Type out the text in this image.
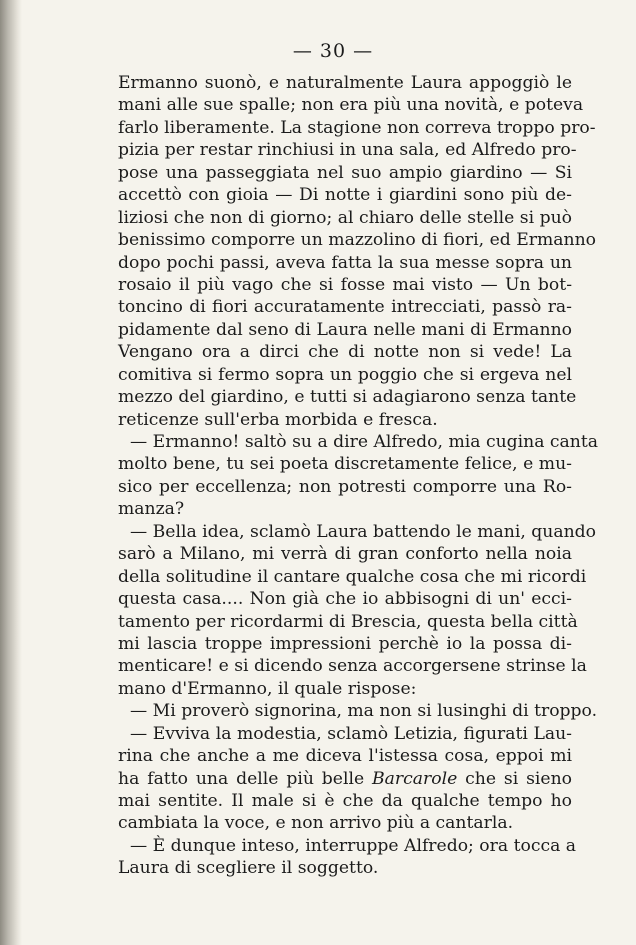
— 30 —
Ermanno suonò, e naturalmente Laura appoggiò le
mani alle sue spalle; non era più una novità, e poteva
farlo liberamente. La stagione non correva troppo pro-
pizia per restar rinchiusi in una sala, ed Alfredo pro-
pose una passeggiata nel suo ampio giardino — Si
accettò con gioia — Di notte i giardini sono più de-
liziosi che non di giorno; al chiaro delle stelle si può
benissimo comporre un mazzolino di fiori, ed Ermanno
dopo pochi passi, aveva fatta la sua messe sopra un
rosaio il più vago che si fosse mai visto — Un bot-
toncino di fiori accuratamente intrecciati, passò ra-
pidamente dal seno di Laura nelle mani di Ermanno
Vengano ora a dirci che di notte non si vede! La
comitiva si fermo sopra un poggio che si ergeva nel
mezzo del giardino, e tutti si adagiarono senza tante
reticenze sull'erba morbida e fresca.
— Ermanno! saltò su a dire Alfredo, mia cugina canta
molto bene, tu sei poeta discretamente felice, e mu-
sico per eccellenza; non potresti comporre una Ro-
manza?
— Bella idea, sclamò Laura battendo le mani, quando
sarò a Milano, mi verrà di gran conforto nella noia
della solitudine il cantare qualche cosa che mi ricordi
questa casa.... Non già che io abbisogni di un' ecci-
tamento per ricordarmi di Brescia, questa bella città
mi lascia troppe impressioni perchè io la possa di-
menticare! e si dicendo senza accorgersene strinse la
mano d'Ermanno, il quale rispose:
— Mi proverò signorina, ma non si lusinghi di troppo.
— Evviva la modestia, sclamò Letizia, figurati Lau-
rina che anche a me diceva l'istessa cosa, eppoi mi
ha fatto una delle più belle Barcarole che si sieno
mai sentite. Il male si è che da qualche tempo ho
cambiata la voce, e non arrivo più a cantarla.
— È dunque inteso, interruppe Alfredo; ora tocca a
Laura di scegliere il soggetto.
